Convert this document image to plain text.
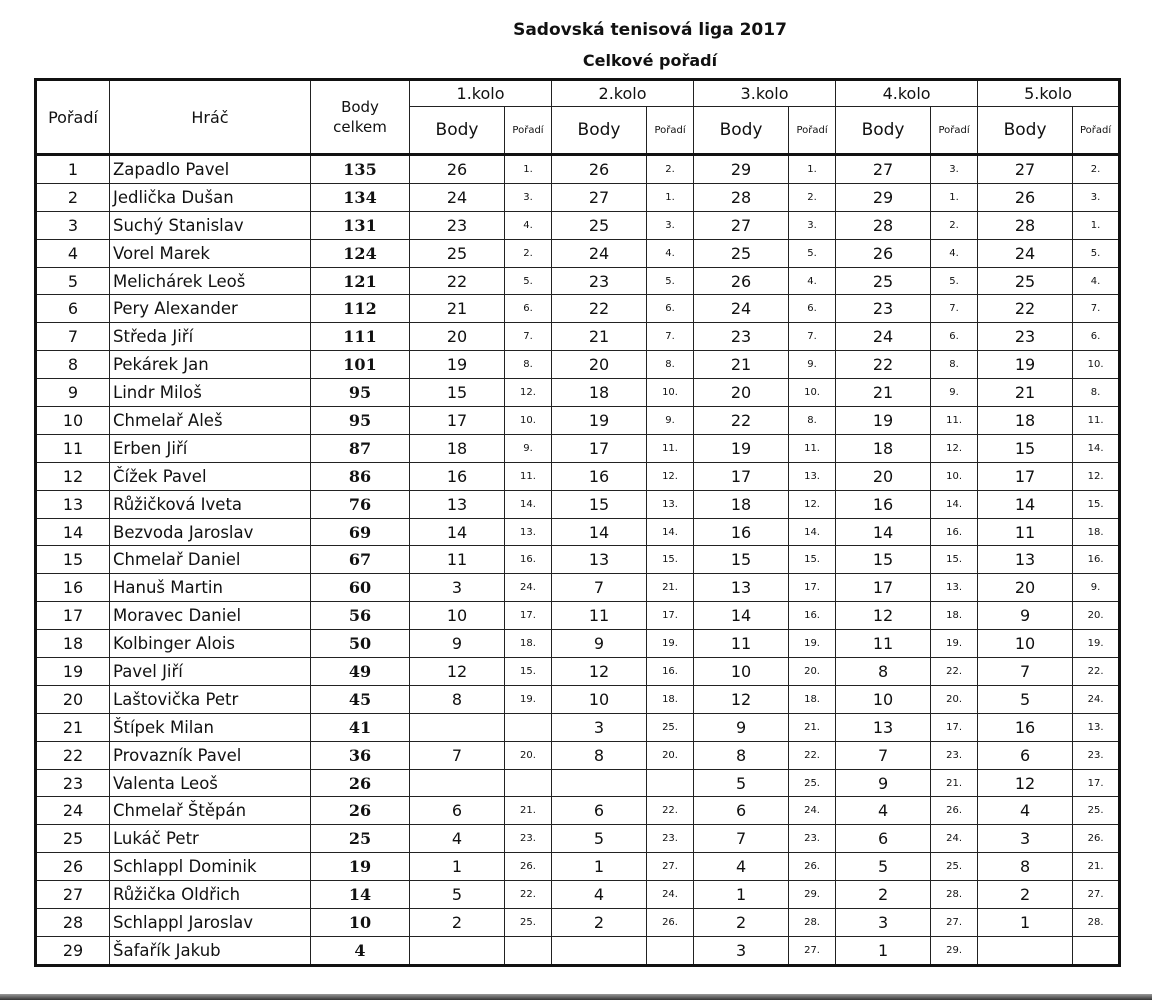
Sadovská tenisová liga 2017
Celkové pořadí
Pořadí	Hráč	Body
celkem	1.kolo		2.kolo		3.kolo		4.kolo		5.kolo	
			Body	Pořadí	Body	Pořadí	Body	Pořadí	Body	Pořadí	Body	Pořadí
1	Zapadlo Pavel	135	26	1.	26	2.	29	1.	27	3.	27	2.
2	Jedlička Dušan	134	24	3.	27	1.	28	2.	29	1.	26	3.
3	Suchý Stanislav	131	23	4.	25	3.	27	3.	28	2.	28	1.
4	Vorel Marek	124	25	2.	24	4.	25	5.	26	4.	24	5.
5	Melichárek Leoš	121	22	5.	23	5.	26	4.	25	5.	25	4.
6	Pery Alexander	112	21	6.	22	6.	24	6.	23	7.	22	7.
7	Středa Jiří	111	20	7.	21	7.	23	7.	24	6.	23	6.
8	Pekárek Jan	101	19	8.	20	8.	21	9.	22	8.	19	10.
9	Lindr Miloš	95	15	12.	18	10.	20	10.	21	9.	21	8.
10	Chmelař Aleš	95	17	10.	19	9.	22	8.	19	11.	18	11.
11	Erben Jiří	87	18	9.	17	11.	19	11.	18	12.	15	14.
12	Čížek Pavel	86	16	11.	16	12.	17	13.	20	10.	17	12.
13	Růžičková Iveta	76	13	14.	15	13.	18	12.	16	14.	14	15.
14	Bezvoda Jaroslav	69	14	13.	14	14.	16	14.	14	16.	11	18.
15	Chmelař Daniel	67	11	16.	13	15.	15	15.	15	15.	13	16.
16	Hanuš Martin	60	3	24.	7	21.	13	17.	17	13.	20	9.
17	Moravec Daniel	56	10	17.	11	17.	14	16.	12	18.	9	20.
18	Kolbinger Alois	50	9	18.	9	19.	11	19.	11	19.	10	19.
19	Pavel Jiří	49	12	15.	12	16.	10	20.	8	22.	7	22.
20	Laštovička Petr	45	8	19.	10	18.	12	18.	10	20.	5	24.
21	Štípek Milan	41			3	25.	9	21.	13	17.	16	13.
22	Provazník Pavel	36	7	20.	8	20.	8	22.	7	23.	6	23.
23	Valenta Leoš	26					5	25.	9	21.	12	17.
24	Chmelař Štěpán	26	6	21.	6	22.	6	24.	4	26.	4	25.
25	Lukáč Petr	25	4	23.	5	23.	7	23.	6	24.	3	26.
26	Schlappl Dominik	19	1	26.	1	27.	4	26.	5	25.	8	21.
27	Růžička Oldřich	14	5	22.	4	24.	1	29.	2	28.	2	27.
28	Schlappl Jaroslav	10	2	25.	2	26.	2	28.	3	27.	1	28.
29	Šafařík Jakub	4					3	27.	1	29.		
